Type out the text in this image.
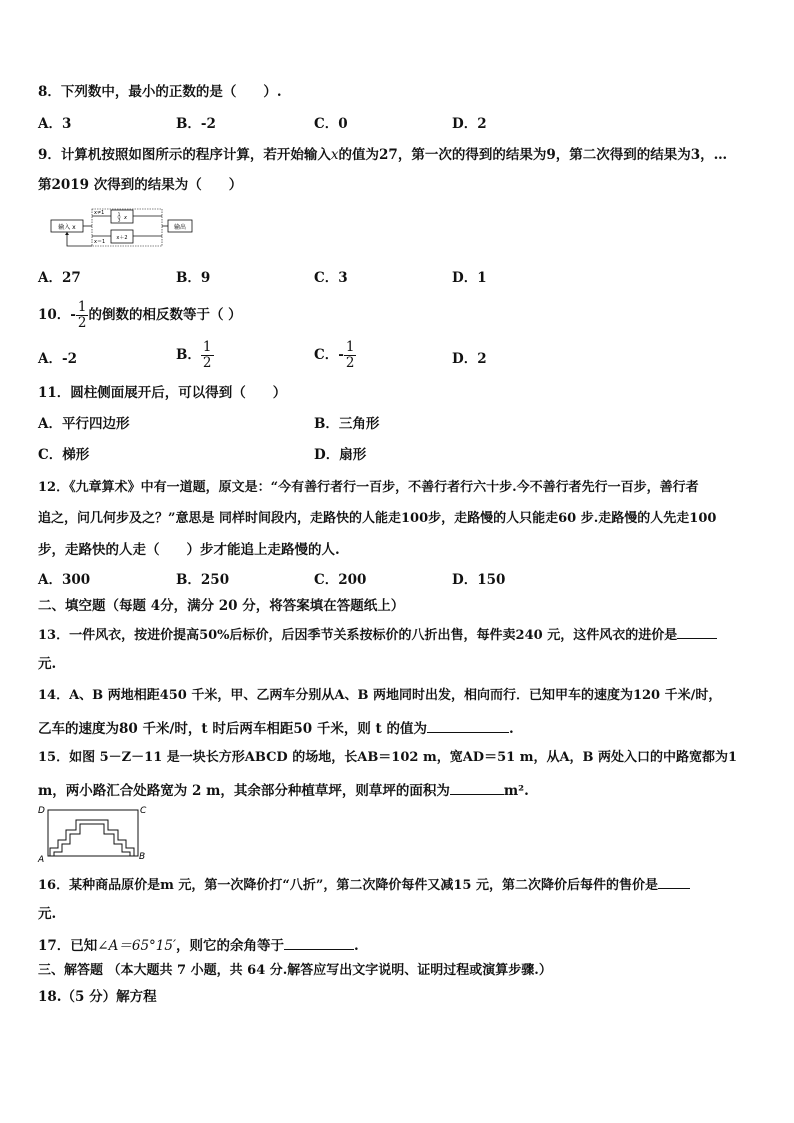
8．下列数中，最小的正数的是（　　）.
A．3	B．-2	C．0	D．2
9．计算机按照如图所示的程序计算，若开始输入x的值为27，第一次的得到的结果为9，第二次得到的结果为3，…
第2019 次得到的结果为（　　）
输入 x
x≠1
x＝1
1
3 x
x＋2
输出
A．27	B．9	C．3	D．1
10．- $\frac{1}{2}$ 的倒数的相反数等于（ ）
A．-2	B． $\frac{1}{2}$	C．- $\frac{1}{2}$	D．2
11．圆柱侧面展开后，可以得到（　　）
A．平行四边形	B．三角形
C．梯形	D．扇形
12．《九章算术》中有一道题，原文是：“今有善行者行一百步，不善行者行六十步.今不善行者先行一百步，善行者
追之，问几何步及之？”意思是 同样时间段内，走路快的人能走100步，走路慢的人只能走60 步.走路慢的人先走100
步，走路快的人走（　　）步才能追上走路慢的人.
A．300	B．250	C．200	D．150
二、填空题（每题 4分，满分 20 分，将答案填在答题纸上）
13．一件风衣，按进价提高50%后标价，后因季节关系按标价的八折出售，每件卖240 元，这件风衣的进价是
元.
14．A、B 两地相距450 千米，甲、乙两车分别从A、B 两地同时出发，相向而行．已知甲车的速度为120 千米/时，
乙车的速度为80 千米/时，t 时后两车相距50 千米，则 t 的值为	.
15．如图 5－Z－11 是一块长方形ABCD 的场地，长AB＝102 m，宽AD＝51 m，从A，B 两处入口的中路宽都为1
m，两小路汇合处路宽为 2 m，其余部分种植草坪，则草坪的面积为	m².
D	C
A	B
16．某种商品原价是m 元，第一次降价打“八折”，第二次降价每件又减15 元，第二次降价后每件的售价是
元.
17．已知∠A＝65°15′，则它的余角等于	.
三、解答题 （本大题共 7 小题，共 64 分.解答应写出文字说明、证明过程或演算步骤.）
18.（5 分）解方程
